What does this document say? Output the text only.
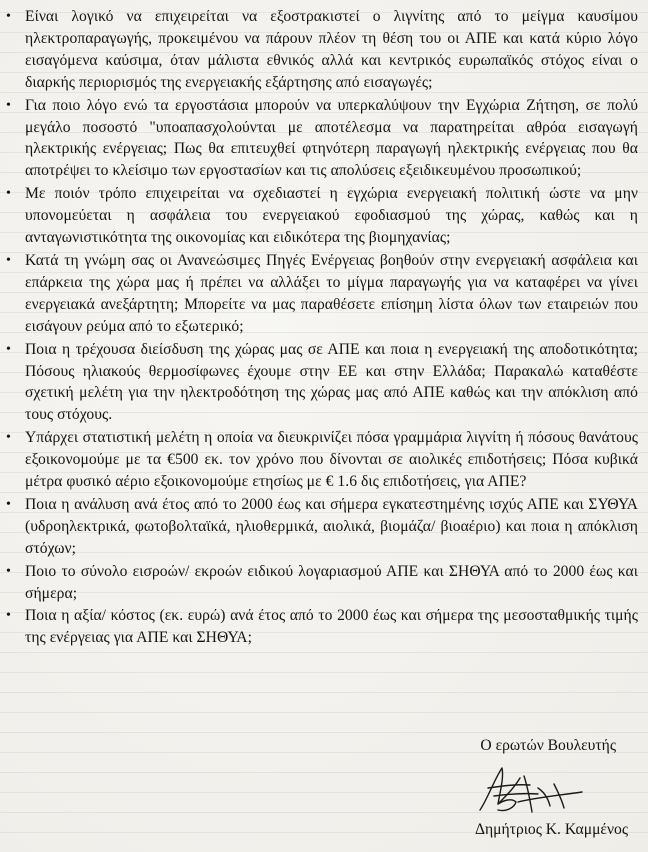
• Είναι λογικό να επιχειρείται να εξοστρακιστεί ο λιγνίτης από το μείγμα καυσίμου ηλεκτροπαραγωγής, προκειμένου να πάρουν πλέον τη θέση του οι ΑΠΕ και κατά κύριο λόγο εισαγόμενα καύσιμα, όταν μάλιστα εθνικός αλλά και κεντρικός ευρωπαϊκός στόχος είναι ο διαρκής περιορισμός της ενεργειακής εξάρτησης από εισαγωγές;
• Για ποιο λόγο ενώ τα εργοστάσια μπορούν να υπερκαλύψουν την Εγχώρια Ζήτηση, σε πολύ μεγάλο ποσοστό "υποαπασχολούνται με αποτέλεσμα να παρατηρείται αθρόα εισαγωγή ηλεκτρικής ενέργειας; Πως θα επιτευχθεί φτηνότερη παραγωγή ηλεκτρικής ενέργειας που θα αποτρέψει το κλείσιμο των εργοστασίων και τις απολύσεις εξειδικευμένου προσωπικού;
• Με ποιόν τρόπο επιχειρείται να σχεδιαστεί η εγχώρια ενεργειακή πολιτική ώστε να μην υπονομεύεται η ασφάλεια του ενεργειακού εφοδιασμού της χώρας, καθώς και η ανταγωνιστικότητα της οικονομίας και ειδικότερα της βιομηχανίας;
• Κατά τη γνώμη σας οι Ανανεώσιμες Πηγές Ενέργειας βοηθούν στην ενεργειακή ασφάλεια και επάρκεια της χώρα μας ή πρέπει να αλλάξει το μίγμα παραγωγής για να καταφέρει να γίνει ενεργειακά ανεξάρτητη; Μπορείτε να μας παραθέσετε επίσημη λίστα όλων των εταιρειών που εισάγουν ρεύμα από το εξωτερικό;
• Ποια η τρέχουσα διείσδυση της χώρας μας σε ΑΠΕ και ποια η ενεργειακή της αποδοτικότητα; Πόσους ηλιακούς θερμοσίφωνες έχουμε στην ΕΕ και στην Ελλάδα; Παρακαλώ καταθέστε σχετική μελέτη για την ηλεκτροδότηση της χώρας μας από ΑΠΕ καθώς και την απόκλιση από τους στόχους.
• Υπάρχει στατιστική μελέτη η οποία να διευκρινίζει πόσα γραμμάρια λιγνίτη ή πόσους θανάτους εξοικονομούμε με τα €500 εκ. τον χρόνο που δίνονται σε αιολικές επιδοτήσεις; Πόσα κυβικά μέτρα φυσικό αέριο εξοικονομούμε ετησίως με € 1.6 δις επιδοτήσεις, για ΑΠΕ?
• Ποια η ανάλυση ανά έτος από το 2000 έως και σήμερα εγκατεστημένης ισχύς ΑΠΕ και ΣΥΘΥΑ (υδροηλεκτρικά, φωτοβολταϊκά, ηλιοθερμικά, αιολικά, βιομάζα/ βιοαέριο) και ποια η απόκλιση στόχων;
• Ποιο το σύνολο εισροών/ εκροών ειδικού λογαριασμού ΑΠΕ και ΣΗΘΥΑ από το 2000 έως και σήμερα;
• Ποια η αξία/ κόστος (εκ. ευρώ) ανά έτος από το 2000 έως και σήμερα της μεσοσταθμικής τιμής της ενέργειας για ΑΠΕ και ΣΗΘΥΑ;
Ο ερωτών Βουλευτής
Δημήτριος Κ. Καμμένος
